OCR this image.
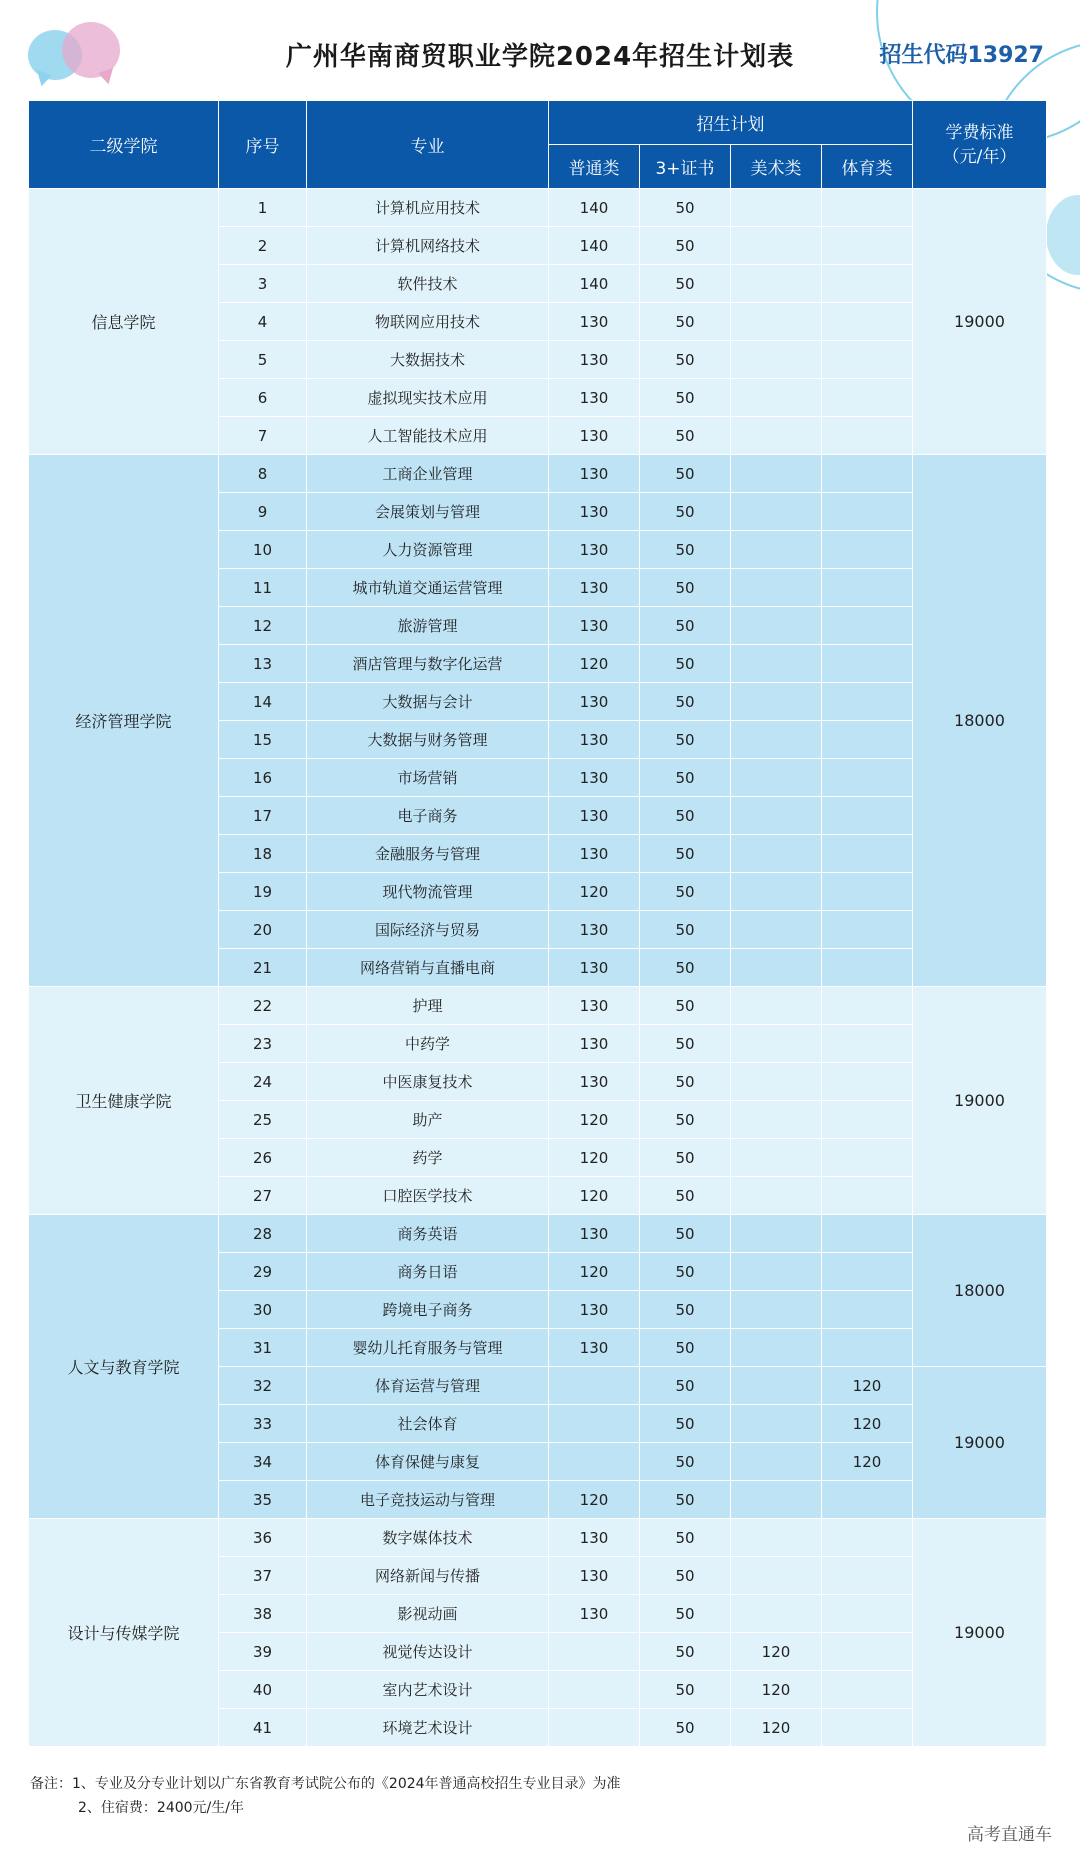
广州华南商贸职业学院2024年招生计划表	招生代码13927
二级学院	序号	专业	招生计划				学费标准
（元/年）

			普通类	3+证书	美术类	体育类	
信息学院	1	计算机应用技术	140	50			19000
	2	计算机网络技术	140	50			
	3	软件技术	140	50			
	4	物联网应用技术	130	50			
	5	大数据技术	130	50			
	6	虚拟现实技术应用	130	50			
	7	人工智能技术应用	130	50			
经济管理学院	8	工商企业管理	130	50			18000
	9	会展策划与管理	130	50			
	10	人力资源管理	130	50			
	11	城市轨道交通运营管理	130	50			
	12	旅游管理	130	50			
	13	酒店管理与数字化运营	120	50			
	14	大数据与会计	130	50			
	15	大数据与财务管理	130	50			
	16	市场营销	130	50			
	17	电子商务	130	50			
	18	金融服务与管理	130	50			
	19	现代物流管理	120	50			
	20	国际经济与贸易	130	50			
	21	网络营销与直播电商	130	50			
卫生健康学院	22	护理	130	50			19000
	23	中药学	130	50			
	24	中医康复技术	130	50			
	25	助产	120	50			
	26	药学	120	50			
	27	口腔医学技术	120	50			
人文与教育学院	28	商务英语	130	50			18000
	29	商务日语	120	50			
	30	跨境电子商务	130	50			
	31	婴幼儿托育服务与管理	130	50			
	32	体育运营与管理		50		120	19000
	33	社会体育		50		120	
	34	体育保健与康复		50		120	
	35	电子竞技运动与管理	120	50			
设计与传媒学院	36	数字媒体技术	130	50			19000
	37	网络新闻与传播	130	50			
	38	影视动画	130	50			
	39	视觉传达设计		50	120		
	40	室内艺术设计		50	120		
	41	环境艺术设计		50	120		
备注：1、专业及分专业计划以广东省教育考试院公布的《2024年普通高校招生专业目录》为准
2、住宿费：2400元/生/年
高考直通车
